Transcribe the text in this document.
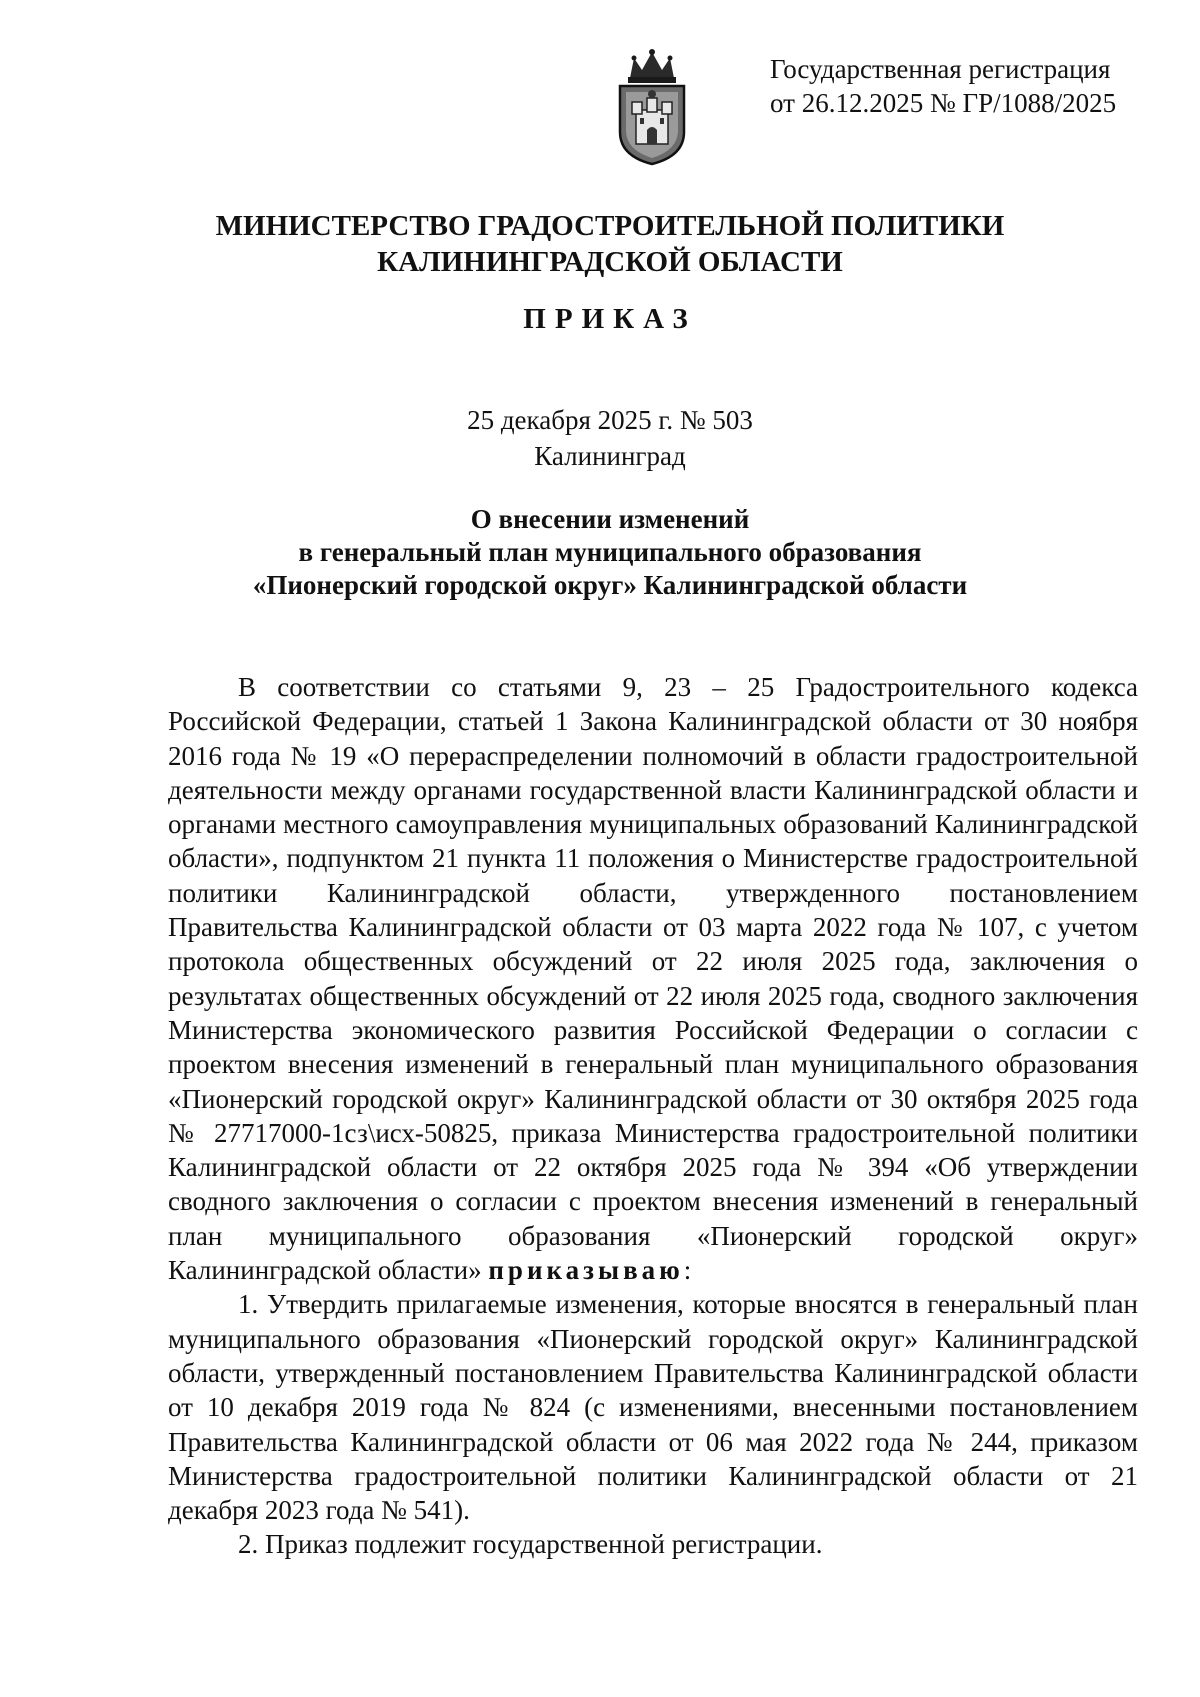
Государственная регистрация
от 26.12.2025 № ГР/1088/2025
МИНИСТЕРСТВО ГРАДОСТРОИТЕЛЬНОЙ ПОЛИТИКИ
КАЛИНИНГРАДСКОЙ ОБЛАСТИ
ПРИКАЗ
25 декабря 2025 г. № 503
Калининград
О внесении изменений
в генеральный план муниципального образования
«Пионерский городской округ» Калининградской области

В соответствии со статьями 9, 23 – 25 Градостроительного кодекса Российской Федерации, статьей 1 Закона Калининградской области от 30 ноября 2016 года № 19 «О перераспределении полномочий в области градостроительной деятельности между органами государственной власти Калининградской области и органами местного самоуправления муниципальных образований Калининградской области», подпунктом 21 пункта 11 положения о Министерстве градостроительной политики Калининградской области, утвержденного постановлением Правительства Калининградской области от 03 марта 2022 года № 107, с учетом протокола общественных обсуждений от 22 июля 2025 года, заключения о результатах общественных обсуждений от 22 июля 2025 года, сводного заключения Министерства экономического развития Российской Федерации о согласии с проектом внесения изменений в генеральный план муниципального образования «Пионерский городской округ» Калининградской области от 30 октября 2025 года № 27717000-1сз\исх-50825, приказа Министерства градостроительной политики Калининградской области от 22 октября 2025 года № 394 «Об утверждении сводного заключения о согласии с проектом внесения изменений в генеральный план муниципального образования «Пионерский городской округ» Калининградской области» приказываю:

1. Утвердить прилагаемые изменения, которые вносятся в генеральный план муниципального образования «Пионерский городской округ» Калининградской области, утвержденный постановлением Правительства Калининградской области от 10 декабря 2019 года № 824 (с изменениями, внесенными постановлением Правительства Калининградской области от 06 мая 2022 года № 244, приказом Министерства градостроительной политики Калининградской области от 21 декабря 2023 года № 541).

2. Приказ подлежит государственной регистрации.
